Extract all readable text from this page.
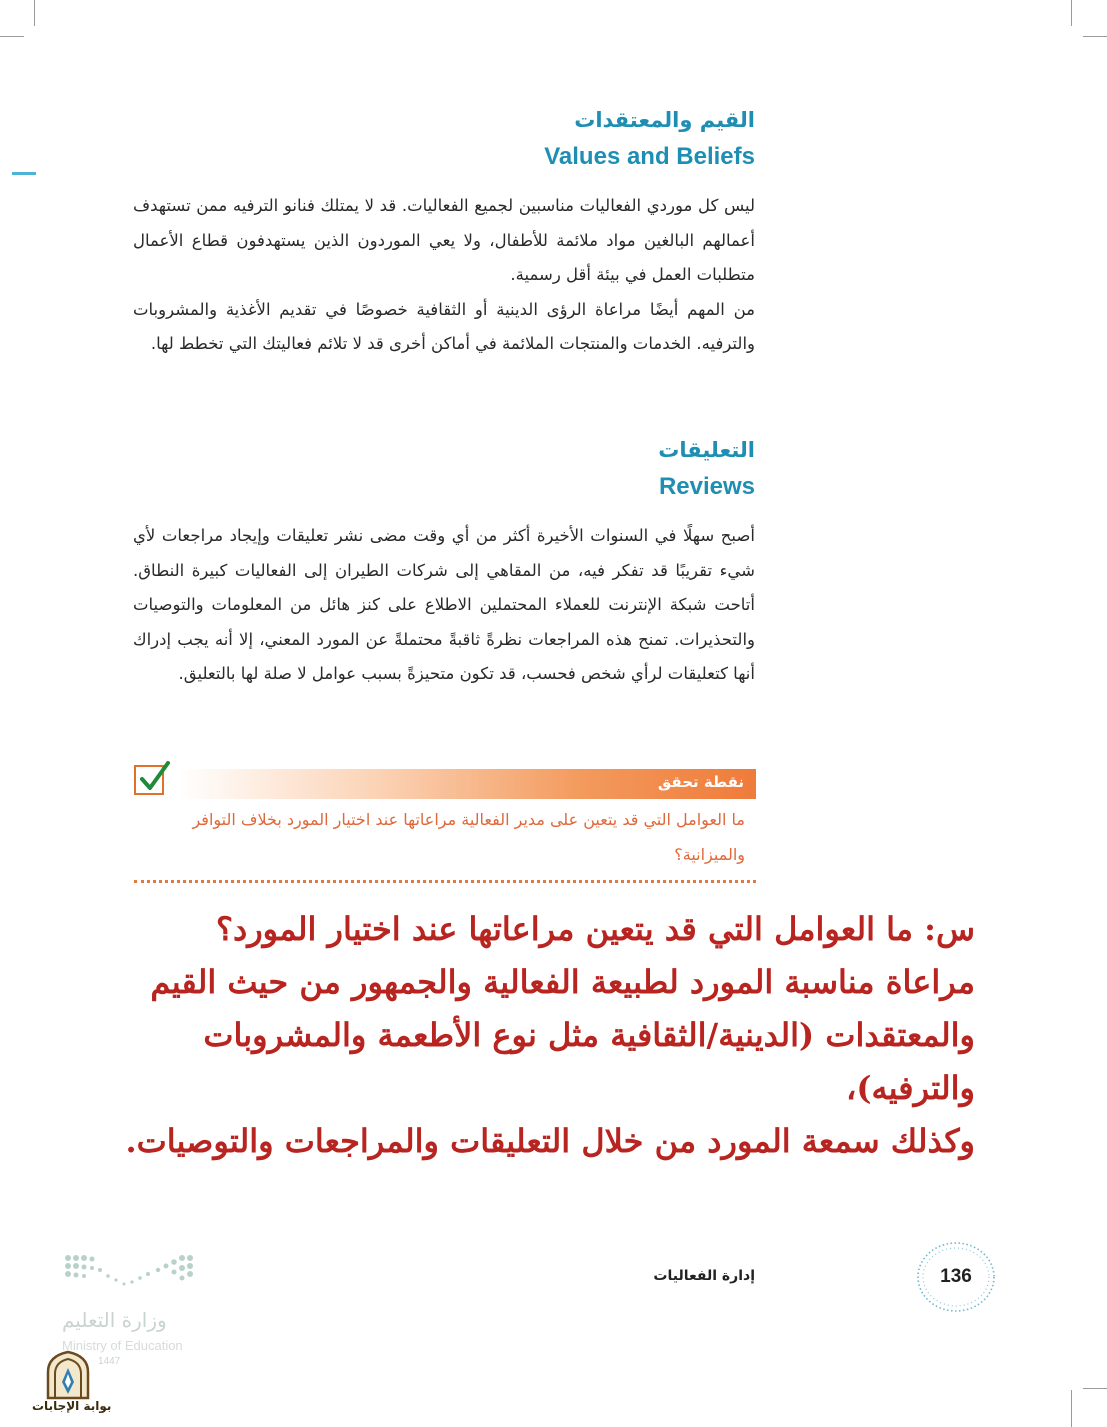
القيم والمعتقدات
Values and Beliefs
ليس كل موردي الفعاليات مناسبين لجميع الفعاليات. قد لا يمتلك فنانو الترفيه ممن تستهدف أعمالهم البالغين مواد ملائمة للأطفال، ولا يعي الموردون الذين يستهدفون قطاع الأعمال متطلبات العمل في بيئة أقل رسمية.
من المهم أيضًا مراعاة الرؤى الدينية أو الثقافية خصوصًا في تقديم الأغذية والمشروبات والترفيه. الخدمات والمنتجات الملائمة في أماكن أخرى قد لا تلائم فعاليتك التي تخطط لها.
التعليقات
Reviews
أصبح سهلًا في السنوات الأخيرة أكثر من أي وقت مضى نشر تعليقات وإيجاد مراجعات لأي شيء تقريبًا قد تفكر فيه، من المقاهي إلى شركات الطيران إلى الفعاليات كبيرة النطاق. أتاحت شبكة الإنترنت للعملاء المحتملين الاطلاع على كنز هائل من المعلومات والتوصيات والتحذيرات. تمنح هذه المراجعات نظرةً ثاقبةً محتملةً عن المورد المعني، إلا أنه يجب إدراك أنها كتعليقات لرأي شخص فحسب، قد تكون متحيزةً بسبب عوامل لا صلة لها بالتعليق.
نقطة تحقق
ما العوامل التي قد يتعين على مدير الفعالية مراعاتها عند اختيار المورد بخلاف التوافر والميزانية؟
س: ما العوامل التي قد يتعين مراعاتها عند اختيار المورد؟
مراعاة مناسبة المورد لطبيعة الفعالية والجمهور من حيث القيم
والمعتقدات (الدينية/الثقافية مثل نوع الأطعمة والمشروبات والترفيه)،
وكذلك سمعة المورد من خلال التعليقات والمراجعات والتوصيات.
136
إدارة الفعاليات
وزارة التعليم
Ministry of Education
1447
بوابة الإجابات
